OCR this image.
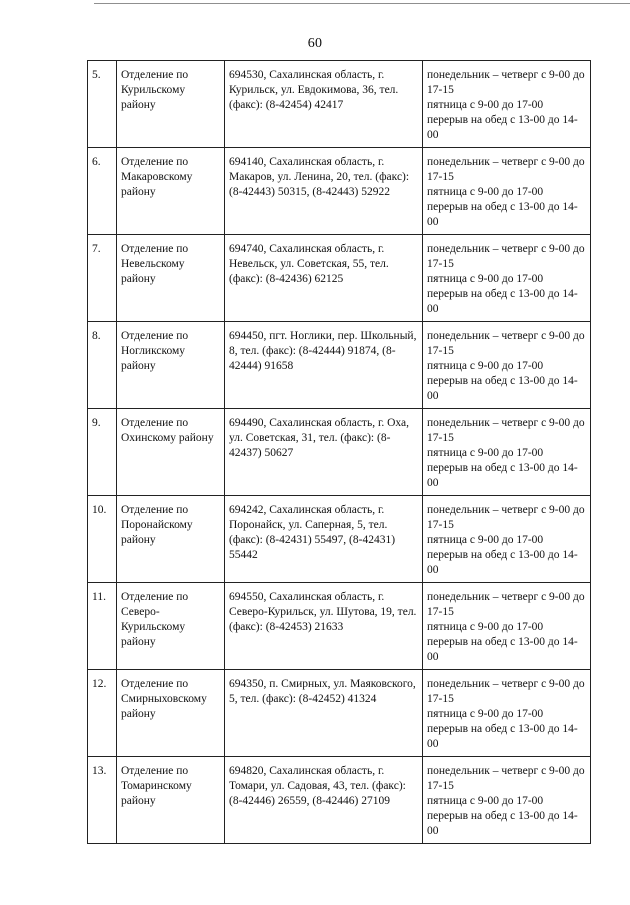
60
5.	Отделение по Курильскому району	694530, Сахалинская область, г. Курильск, ул. Евдокимова, 36, тел. (факс): (8-42454) 42417	понедельник – четверг с 9-00 до 17-15
пятница с 9-00 до 17-00
перерыв на обед с 13-00 до 14-00

6.	Отделение по Макаровскому району	694140, Сахалинская область, г. Макаров, ул. Ленина, 20, тел. (факс): (8-42443) 50315, (8-42443) 52922	понедельник – четверг с 9-00 до 17-15
пятница с 9-00 до 17-00
перерыв на обед с 13-00 до 14-00

7.	Отделение по Невельскому району	694740, Сахалинская область, г. Невельск, ул. Советская, 55, тел. (факс): (8-42436) 62125	понедельник – четверг с 9-00 до 17-15
пятница с 9-00 до 17-00
перерыв на обед с 13-00 до 14-00

8.	Отделение по Ногликскому району	694450, пгт. Ноглики, пер. Школьный, 8, тел. (факс): (8-42444) 91874, (8-42444) 91658	понедельник – четверг с 9-00 до 17-15
пятница с 9-00 до 17-00
перерыв на обед с 13-00 до 14-00

9.	Отделение по Охинскому району	694490, Сахалинская область, г. Оха, ул. Советская, 31, тел. (факс): (8-42437) 50627	понедельник – четверг с 9-00 до 17-15
пятница с 9-00 до 17-00
перерыв на обед с 13-00 до 14-00

10.	Отделение по Поронайскому району	694242, Сахалинская область, г. Поронайск, ул. Саперная, 5, тел. (факс): (8-42431) 55497, (8-42431) 55442	понедельник – четверг с 9-00 до 17-15
пятница с 9-00 до 17-00
перерыв на обед с 13-00 до 14-00

11.	Отделение по Северо-Курильскому району	694550, Сахалинская область, г. Северо-Курильск, ул. Шутова, 19, тел. (факс): (8-42453) 21633	понедельник – четверг с 9-00 до 17-15
пятница с 9-00 до 17-00
перерыв на обед с 13-00 до 14-00

12.	Отделение по Смирныховскому району	694350, п. Смирных, ул. Маяковского, 5, тел. (факс): (8-42452) 41324	понедельник – четверг с 9-00 до 17-15
пятница с 9-00 до 17-00
перерыв на обед с 13-00 до 14-00

13.	Отделение по Томаринскому району	694820, Сахалинская область, г. Томари, ул. Садовая, 43, тел. (факс): (8-42446) 26559, (8-42446) 27109	понедельник – четверг с 9-00 до 17-15
пятница с 9-00 до 17-00
перерыв на обед с 13-00 до 14-00
